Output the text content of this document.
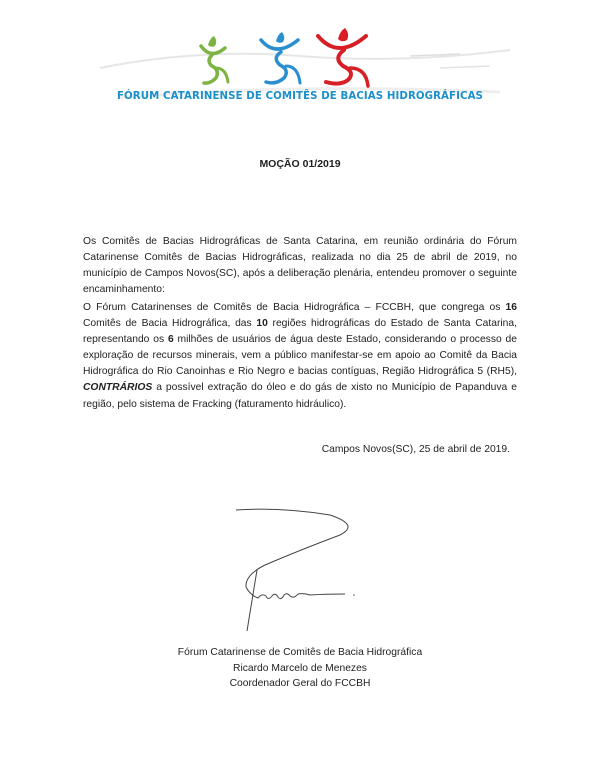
FÓRUM CATARINENSE DE COMITÊS DE BACIAS HIDROGRÁFICAS
MOÇÃO 01/2019
Os Comitês de Bacias Hidrográficas de Santa Catarina, em reunião ordinária do Fórum Catarinense Comitês de Bacias Hidrográficas, realizada no dia 25 de abril de 2019, no município de Campos Novos(SC), após a deliberação plenária, entendeu promover o seguinte encaminhamento:
O Fórum Catarinenses de Comitês de Bacia Hidrográfica – FCCBH, que congrega os 16 Comitês de Bacia Hidrográfica, das 10 regiões hidrográficas do Estado de Santa Catarina, representando os 6 milhões de usuários de água deste Estado, considerando o processo de exploração de recursos minerais, vem a público manifestar-se em apoio ao Comitê da Bacia Hidrográfica do Rio Canoinhas e Rio Negro e bacias contíguas, Região Hidrográfica 5 (RH5), CONTRÁRIOS a possível extração do óleo e do gás de xisto no Município de Papanduva e região, pelo sistema de Fracking (faturamento hidráulico).
Campos Novos(SC), 25 de abril de 2019.
Fórum Catarinense de Comitês de Bacia Hidrográfica
Ricardo Marcelo de Menezes
Coordenador Geral do FCCBH
